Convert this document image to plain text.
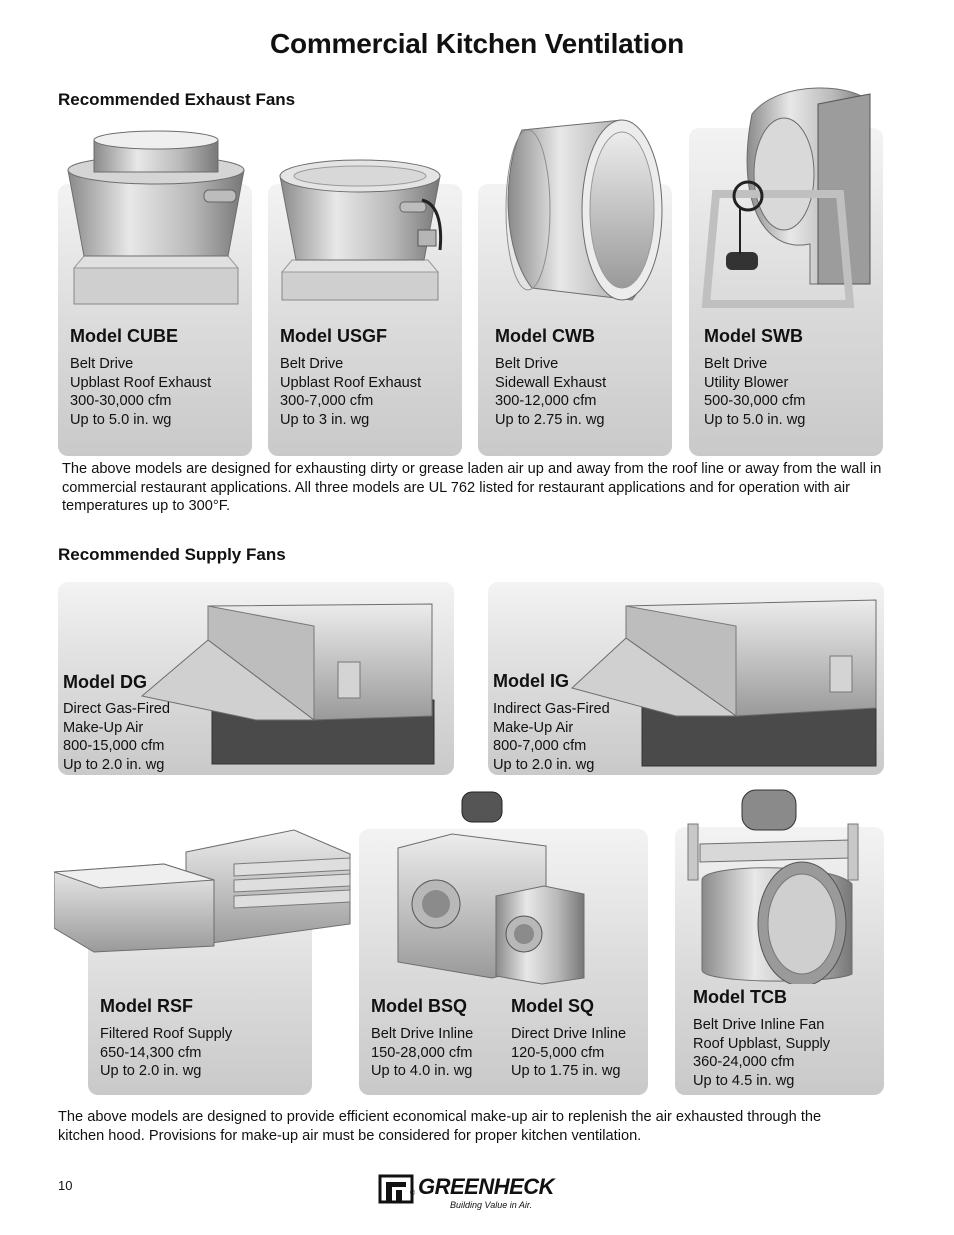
Commercial Kitchen Ventilation
Recommended Exhaust Fans
Model CUBE
Belt Drive
Upblast Roof Exhaust
300-30,000 cfm
Up to 5.0 in. wg
Model USGF
Belt Drive
Upblast Roof Exhaust
300-7,000 cfm
Up to 3 in. wg
Model CWB
Belt Drive
Sidewall Exhaust
300-12,000 cfm
Up to 2.75 in. wg
Model SWB
Belt Drive
Utility Blower
500-30,000 cfm
Up to 5.0 in. wg

The above models are designed for exhausting dirty or grease laden air up and away from the roof line or away from the wall in commercial restaurant applications. All three models are UL 762 listed for restaurant applications and for operation with air temperatures up to 300°F.

Recommended Supply Fans
Model DG
Direct Gas-Fired
Make-Up Air
800-15,000 cfm
Up to 2.0 in. wg
Model IG
Indirect Gas-Fired
Make-Up Air
800-7,000 cfm
Up to 2.0 in. wg
Model RSF
Filtered Roof Supply
650-14,300 cfm
Up to 2.0 in. wg
Model BSQ
Belt Drive Inline
150-28,000 cfm
Up to 4.0 in. wg
Model SQ
Direct Drive Inline
120-5,000 cfm
Up to 1.75 in. wg
Model TCB
Belt Drive Inline Fan
Roof Upblast, Supply
360-24,000 cfm
Up to 4.5 in. wg

The above models are designed to provide efficient economical make-up air to replenish the air exhausted through the kitchen hood. Provisions for make-up air must be considered for proper kitchen ventilation.

10
® GREENHECK
Building Value in Air.
